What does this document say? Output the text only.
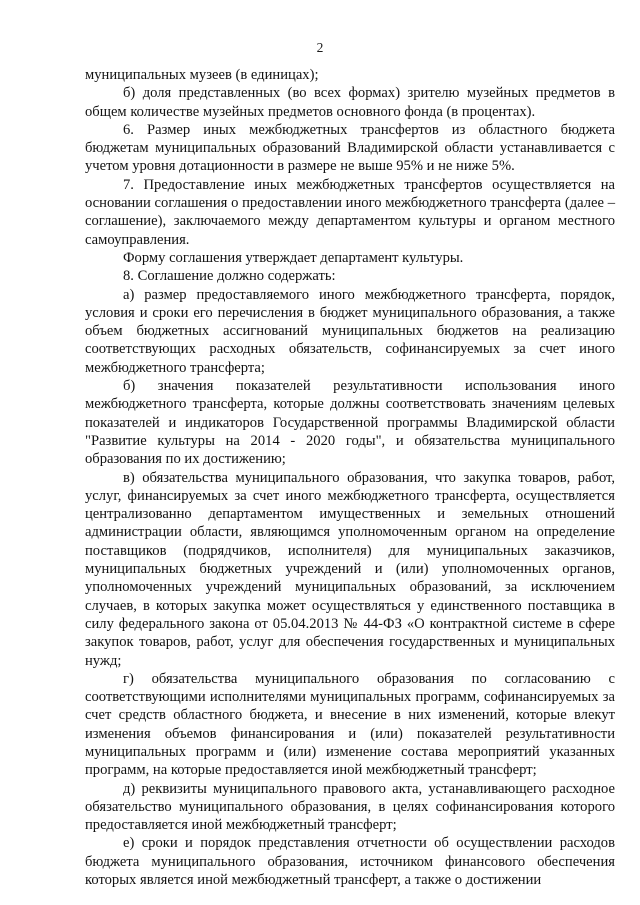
2

муниципальных музеев (в единицах);

б) доля представленных (во всех формах) зрителю музейных предметов в общем количестве музейных предметов основного фонда (в процентах).

6. Размер иных межбюджетных трансфертов из областного бюджета бюджетам муниципальных образований Владимирской области устанавливается с учетом уровня дотационности в размере не выше 95% и не ниже 5%.

7. Предоставление иных межбюджетных трансфертов осуществляется на основании соглашения о предоставлении иного межбюджетного трансферта (далее – соглашение), заключаемого между департаментом культуры и органом местного самоуправления.

Форму соглашения утверждает департамент культуры.

8. Соглашение должно содержать:

а) размер предоставляемого иного межбюджетного трансферта, порядок, условия и сроки его перечисления в бюджет муниципального образования, а также объем бюджетных ассигнований муниципальных бюджетов на реализацию соответствующих расходных обязательств, софинансируемых за счет иного межбюджетного трансферта;

б) значения показателей результативности использования иного межбюджетного трансферта, которые должны соответствовать значениям целевых показателей и индикаторов Государственной программы Владимирской области "Развитие культуры на 2014 - 2020 годы", и обязательства муниципального образования по их достижению;

в) обязательства муниципального образования, что закупка товаров, работ, услуг, финансируемых за счет иного межбюджетного трансферта, осуществляется централизованно департаментом имущественных и земельных отношений администрации области, являющимся уполномоченным органом на определение поставщиков (подрядчиков, исполнителя) для муниципальных заказчиков, муниципальных бюджетных учреждений и (или) уполномоченных органов, уполномоченных учреждений муниципальных образований, за исключением случаев, в которых закупка может осуществляться у единственного поставщика в силу федерального закона от 05.04.2013 № 44-ФЗ «О контрактной системе в сфере закупок товаров, работ, услуг для обеспечения государственных и муниципальных нужд;

г) обязательства муниципального образования по согласованию с соответствующими исполнителями муниципальных программ, софинансируемых за счет средств областного бюджета, и внесение в них изменений, которые влекут изменения объемов финансирования и (или) показателей результативности муниципальных программ и (или) изменение состава мероприятий указанных программ, на которые предоставляется иной межбюджетный трансферт;

д) реквизиты муниципального правового акта, устанавливающего расходное обязательство муниципального образования, в целях софинансирования которого предоставляется иной межбюджетный трансферт;

е) сроки и порядок представления отчетности об осуществлении расходов бюджета муниципального образования, источником финансового обеспечения которых является иной межбюджетный трансферт, а также о достижении
